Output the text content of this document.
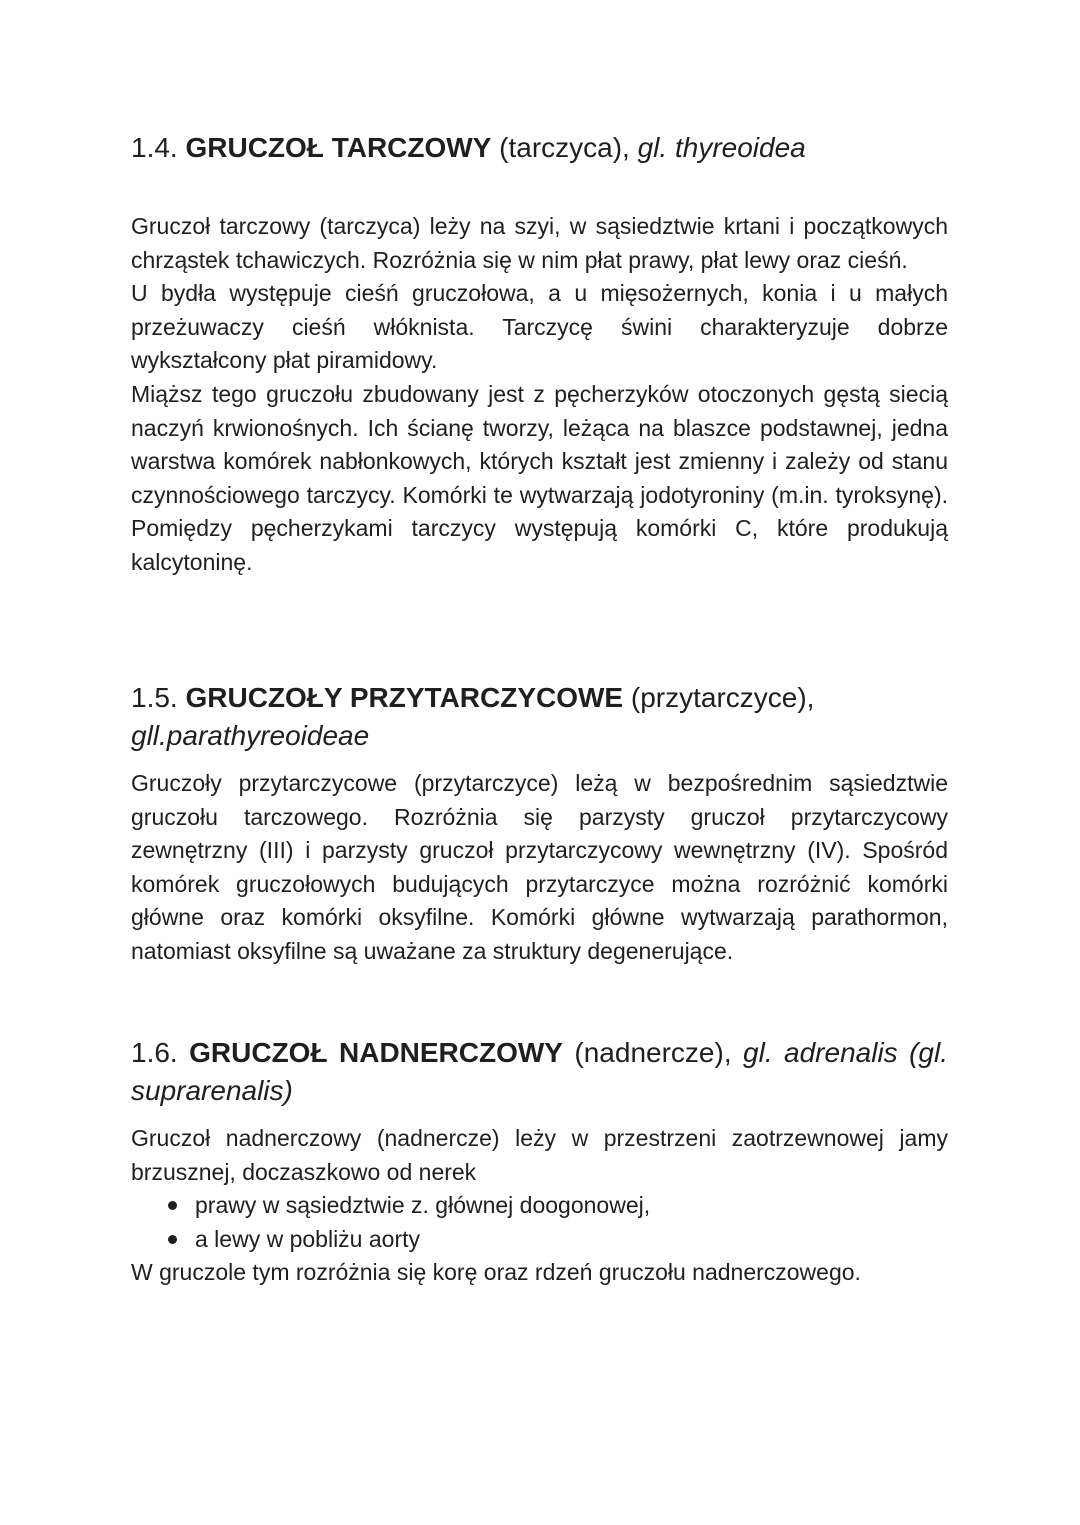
1.4. GRUCZOŁ TARCZOWY (tarczyca), gl. thyreoidea

Gruczoł tarczowy (tarczyca) leży na szyi, w sąsiedztwie krtani i początkowych chrząstek tchawiczych. Rozróżnia się w nim płat prawy, płat lewy oraz cieśń.

U bydła występuje cieśń gruczołowa, a u mięsożernych, konia i u małych przeżuwaczy cieśń włóknista. Tarczycę świni charakteryzuje dobrze wykształcony płat piramidowy.

Miąższ tego gruczołu zbudowany jest z pęcherzyków otoczonych gęstą siecią naczyń krwionośnych. Ich ścianę tworzy, leżąca na blaszce podstawnej, jedna warstwa komórek nabłonkowych, których kształt jest zmienny i zależy od stanu czynnościowego tarczycy. Komórki te wytwarzają jodotyroniny (m.in. tyroksynę). Pomiędzy pęcherzykami tarczycy występują komórki C, które produkują kalcytoninę.

1.5. GRUCZOŁY PRZYTARCZYCOWE (przytarczyce),
gll.parathyreoideae

Gruczoły przytarczycowe (przytarczyce) leżą w bezpośrednim sąsiedztwie gruczołu tarczowego. Rozróżnia się parzysty gruczoł przytarczycowy zewnętrzny (III) i parzysty gruczoł przytarczycowy wewnętrzny (IV). Spośród komórek gruczołowych budujących przytarczyce można rozróżnić komórki główne oraz komórki oksyfilne. Komórki główne wytwarzają parathormon, natomiast oksyfilne są uważane za struktury degenerujące.

1.6. GRUCZOŁ NADNERCZOWY (nadnercze), gl. adrenalis (gl. suprarenalis)

Gruczoł nadnerczowy (nadnercze) leży w przestrzeni zaotrzewnowej jamy brzusznej, doczaszkowo od nerek

prawy w sąsiedztwie z. głównej doogonowej,
a lewy w pobliżu aorty

W gruczole tym rozróżnia się korę oraz rdzeń gruczołu nadnerczowego.
